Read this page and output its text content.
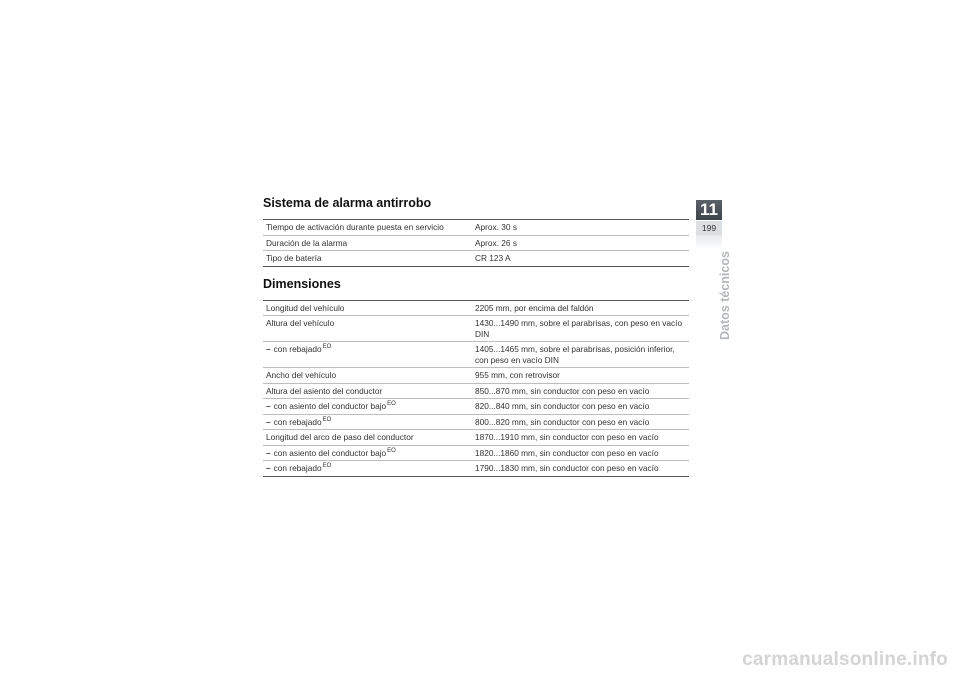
Sistema de alarma antirrobo
Tiempo de activación durante puesta en servicio	Aprox. 30 s
Duración de la alarma	Aprox. 26 s
Tipo de batería	CR 123 A
Dimensiones
Longitud del vehículo	2205 mm, por encima del faldón
Altura del vehículo	1430...1490 mm, sobre el parabrisas, con peso en vacío DIN
– con rebajado$^{EO}$	1405...1465 mm, sobre el parabrisas, posición inferior, con peso en vacío DIN
Ancho del vehículo	955 mm, con retrovisor
Altura del asiento del conductor	850...870 mm, sin conductor con peso en vacío
– con asiento del conductor bajo$^{EO}$	820...840 mm, sin conductor con peso en vacío
– con rebajado$^{EO}$	800...820 mm, sin conductor con peso en vacío
Longitud del arco de paso del conductor	1870...1910 mm, sin conductor con peso en vacío
– con asiento del conductor bajo$^{EO}$	1820...1860 mm, sin conductor con peso en vacío
– con rebajado$^{EO}$	1790...1830 mm, sin conductor con peso en vacío
11
199
Datos técnicos
carmanualsonline.info
